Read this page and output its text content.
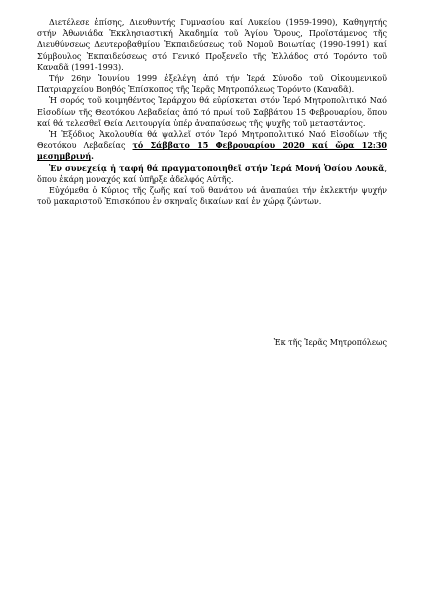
Διετέλεσε ἐπίσης, Διευθυντής Γυμνασίου καί Λυκείου (1959-1990), Καθηγητής στήν Ἀθωνιάδα Ἐκκλησιαστική Ἀκαδημία τοῦ Ἁγίου Ὄρους, Προϊστάμενος τῆς Διευθύνσεως Δευτεροβαθμίου Ἐκπαιδεύσεως τοῦ Νομοῦ Βοιωτίας (1990-1991) καί Σύμβουλος Ἐκπαιδεύσεως στό Γενικό Προξενεῖο τῆς Ἑλλάδος στό Τορόντο τοῦ Καναδᾶ (1991-1993).

Τήν 26ην Ἰουνίου 1999 ἐξελέγη ἀπό τήν Ἱερά Σύνοδο τοῦ Οἰκουμενικοῦ Πατριαρχείου Βοηθός Ἐπίσκοπος τῆς Ἱερᾶς Μητροπόλεως Τορόντο (Καναδᾶ).

Ἡ σορός τοῦ κοιμηθέντος Ἱεράρχου θά εὑρίσκεται στόν Ἱερό Μητροπολιτικό Ναό Εἰσοδίων τῆς Θεοτόκου Λεβαδείας ἀπό τό πρωί τοῦ Σαββάτου 15 Φεβρουαρίου, ὅπου καί θά τελεσθεῖ Θεία Λειτουργία ὑπέρ ἀναπαύσεως τῆς ψυχῆς τοῦ μεταστάντος.

Ἡ Ἐξόδιος Ἀκολουθία θά ψαλλεῖ στόν Ἱερό Μητροπολιτικό Ναό Εἰσοδίων τῆς Θεοτόκου Λεβαδείας τό Σάββατο 15 Φεβρουαρίου 2020 καί ὥρα 12:30 μεσημβρινή.

Ἐν συνεχείᾳ ἡ ταφή θά πραγματοποιηθεῖ στήν Ἱερά Μονή Ὁσίου Λουκᾶ, ὅπου ἐκάρη μοναχός καί ὑπῆρξε ἀδελφός Αὐτῆς.

Εὐχόμεθα ὁ Κύριος τῆς ζωῆς καί τοῦ θανάτου νά ἀναπαύει τήν ἐκλεκτήν ψυχήν τοῦ μακαριστοῦ Ἐπισκόπου ἐν σκηναῖς δικαίων καί ἐν χώρᾳ ζώντων.

Ἐκ τῆς Ἱερᾶς Μητροπόλεως
